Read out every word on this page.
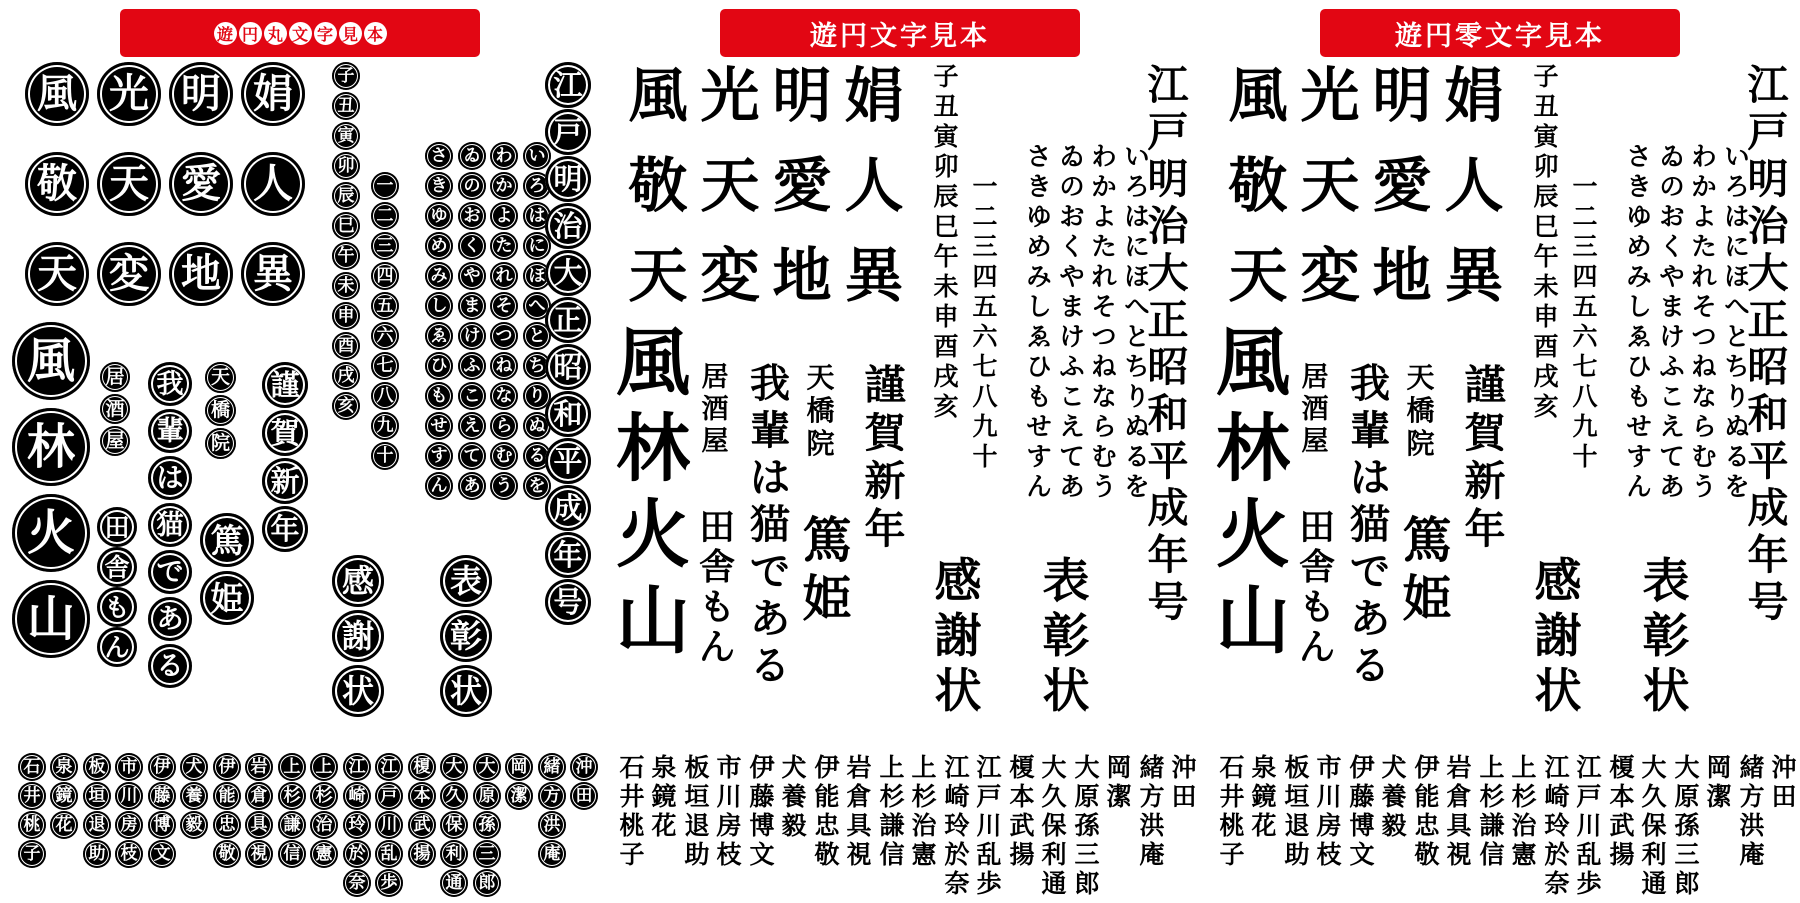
遊 円 丸 文 字 見 本
風 光 明 娟
敬 天 愛 人
天 変 地 異
風
林
火
山
居
酒
屋
我
輩
は
猫
で
あ
る
天
橋
院
田
舎
も
ん
謹
賀
新
年
篤
姫
子
丑
寅
卯
辰
巳
午
未
申
酉
戌
亥
一
二
三
四
五
六
七
八
九
十
い
ろ
は
に
ほ
へ
と
ち
り
ぬ
る
を
わ
か
よ
た
れ
そ
つ
ね
な
ら
む
う
ゐ
の
お
く
や
ま
け
ふ
こ
え
て
あ
さ
き
ゆ
め
み
し
ゑ
ひ
も
せ
す
ん
江
戸
明
治
大
正
昭
和
平
成
年
号
感
謝
状
表
彰
状
沖
田
緒
方
洪
庵
岡
潔
大
原
孫
三
郎
大
久
保
利
通
榎
本
武
揚
江
戸
川
乱
歩
江
崎
玲
於
奈
上
杉
治
憲
上
杉
謙
信
岩
倉
具
視
伊
能
忠
敬
犬
養
毅
伊
藤
博
文
市
川
房
枝
板
垣
退
助
泉
鏡
花
石
井
桃
子
遊円文字見本
風 光 明 娟
敬 天 愛 人
天 変 地 異
風
林
火
山
居
酒
屋
我
輩
は
猫
で
あ
る
天
橋
院
田
舎
も
ん
謹
賀
新
年
篤
姫
子
丑
寅
卯
辰
巳
午
未
申
酉
戌
亥
一
二
三
四
五
六
七
八
九
十
い
ろ
は
に
ほ
へ
と
ち
り
ぬ
る
を
わ
か
よ
た
れ
そ
つ
ね
な
ら
む
う
ゐ
の
お
く
や
ま
け
ふ
こ
え
て
あ
さ
き
ゆ
め
み
し
ゑ
ひ
も
せ
す
ん
江
戸
明
治
大
正
昭
和
平
成
年
号
感
謝
状
表
彰
状
沖
田
緒
方
洪
庵
岡
潔
大
原
孫
三
郎
大
久
保
利
通
榎
本
武
揚
江
戸
川
乱
歩
江
崎
玲
於
奈
上
杉
治
憲
上
杉
謙
信
岩
倉
具
視
伊
能
忠
敬
犬
養
毅
伊
藤
博
文
市
川
房
枝
板
垣
退
助
泉
鏡
花
石
井
桃
子
遊円零文字見本
風 光 明 娟
敬 天 愛 人
天 変 地 異
風
林
火
山
居
酒
屋
我
輩
は
猫
で
あ
る
天
橋
院
田
舎
も
ん
謹
賀
新
年
篤
姫
子
丑
寅
卯
辰
巳
午
未
申
酉
戌
亥
一
二
三
四
五
六
七
八
九
十
い
ろ
は
に
ほ
へ
と
ち
り
ぬ
る
を
わ
か
よ
た
れ
そ
つ
ね
な
ら
む
う
ゐ
の
お
く
や
ま
け
ふ
こ
え
て
あ
さ
き
ゆ
め
み
し
ゑ
ひ
も
せ
す
ん
江
戸
明
治
大
正
昭
和
平
成
年
号
感
謝
状
表
彰
状
沖
田
緒
方
洪
庵
岡
潔
大
原
孫
三
郎
大
久
保
利
通
榎
本
武
揚
江
戸
川
乱
歩
江
崎
玲
於
奈
上
杉
治
憲
上
杉
謙
信
岩
倉
具
視
伊
能
忠
敬
犬
養
毅
伊
藤
博
文
市
川
房
枝
板
垣
退
助
泉
鏡
花
石
井
桃
子
